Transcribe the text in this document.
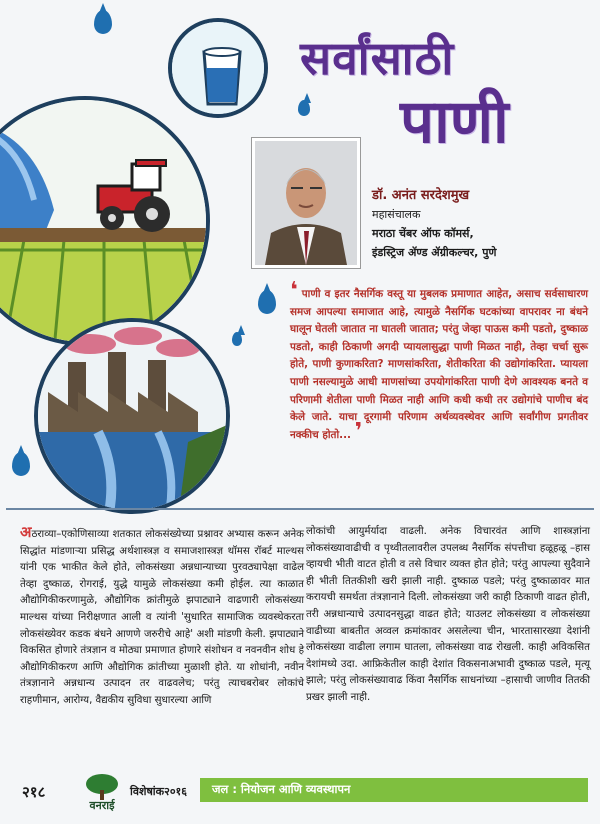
सर्वांसाठी
पाणी
डॉ. अनंत सरदेशमुख
महासंचालक
मराठा चेंबर ऑफ कॉमर्स,
इंडस्ट्रिज ॲण्ड ॲग्रीकल्चर, पुणे
❛ पाणी व इतर नैसर्गिक वस्तू या मुबलक प्रमाणात आहेत, असाच सर्वसाधारण समज आपल्या समाजात आहे, त्यामुळे नैसर्गिक घटकांच्या वापरावर ना बंधने घालून घेतली जातात ना घातली जातात; परंतु जेव्हा पाऊस कमी पडतो, दुष्काळ पडतो, काही ठिकाणी अगदी प्यायलासुद्धा पाणी मिळत नाही, तेव्हा चर्चा सुरू होते, पाणी कुणाकरिता? माणसांकरिता, शेतीकरिता की उद्योगांकरिता. प्यायला पाणी नसल्यामुळे आधी माणसांच्या उपयोगांकरिता पाणी देणे आवश्यक बनते व परिणामी शेतीला पाणी मिळत नाही आणि कधी कधी तर उद्योगांचे पाणीच बंद केले जाते. याचा दूरगामी परिणाम अर्थव्यवस्थेवर आणि सर्वांगीण प्रगतीवर नक्कीच होतो... ❜
अठराव्या–एकोणिसाव्या शतकात लोकसंख्येच्या प्रश्नावर अभ्यास करून अनेक सिद्धांत मांडणाऱ्या प्रसिद्ध अर्थशास्त्रज्ञ व समाजशास्त्रज्ञ थॉमस रॉबर्ट माल्थस यांनी एक भाकीत केले होते, लोकसंख्या अन्नधान्याच्या पुरवठ्यापेक्षा वाढेल तेव्हा दुष्काळ, रोगराई, युद्धे यामुळे लोकसंख्या कमी होईल. त्या काळात औद्योगिकीकरणामुळे, औद्योगिक क्रांतीमुळे झपाट्याने वाढणारी लोकसंख्या माल्थस यांच्या निरीक्षणात आली व त्यांनी 'सुधारित सामाजिक व्यवस्थेकरता लोकसंख्येवर कडक बंधने आणणे जरुरीचे आहे' अशी मांडणी केली. झपाट्याने विकसित होणारे तंत्रज्ञान व मोठ्या प्रमाणात होणारे संशोधन व नवनवीन शोध हे औद्योगिकीकरण आणि औद्योगिक क्रांतीच्या मुळाशी होते. या शोधांनी, नवीन तंत्रज्ञानाने अन्नधान्य उत्पादन तर वाढवलेच; परंतु त्याचबरोबर लोकांचे राहणीमान, आरोग्य, वैद्यकीय सुविधा सुधारल्या आणि
लोकांची आयुर्मर्यादा वाढली. अनेक विचारवंत आणि शास्त्रज्ञांना लोकसंख्यावाढीची व पृथ्वीतलावरील उपलब्ध नैसर्गिक संपत्तीचा हळूहळू –हास व्हायची भीती वाटत होती व तसे विचार व्यक्त होत होते; परंतु आपल्या सुदैवाने ही भीती तितकीशी खरी झाली नाही. दुष्काळ पडले; परंतु दुष्काळावर मात करायची समर्थता तंत्रज्ञानाने दिली. लोकसंख्या जरी काही ठिकाणी वाढत होती, तरी अन्नधान्याचे उत्पादनसुद्धा वाढत होते; याउलट लोकसंख्या व लोकसंख्या वाढीच्या बाबतीत अव्वल क्रमांकावर असलेल्या चीन, भारतासारख्या देशांनी लोकसंख्या वाढीला लगाम घातला, लोकसंख्या वाढ रोखली. काही अविकसित देशांमध्ये उदा. आफ्रिकेतील काही देशांत विकसनाअभावी दुष्काळ पडले, मृत्यू झाले; परंतु लोकसंख्यावाढ किंवा नैसर्गिक साधनांच्या –हासाची जाणीव तितकी प्रखर झाली नाही.
२१८
वनराई
विशेषांक२०१६	जल : नियोजन आणि व्यवस्थापन
